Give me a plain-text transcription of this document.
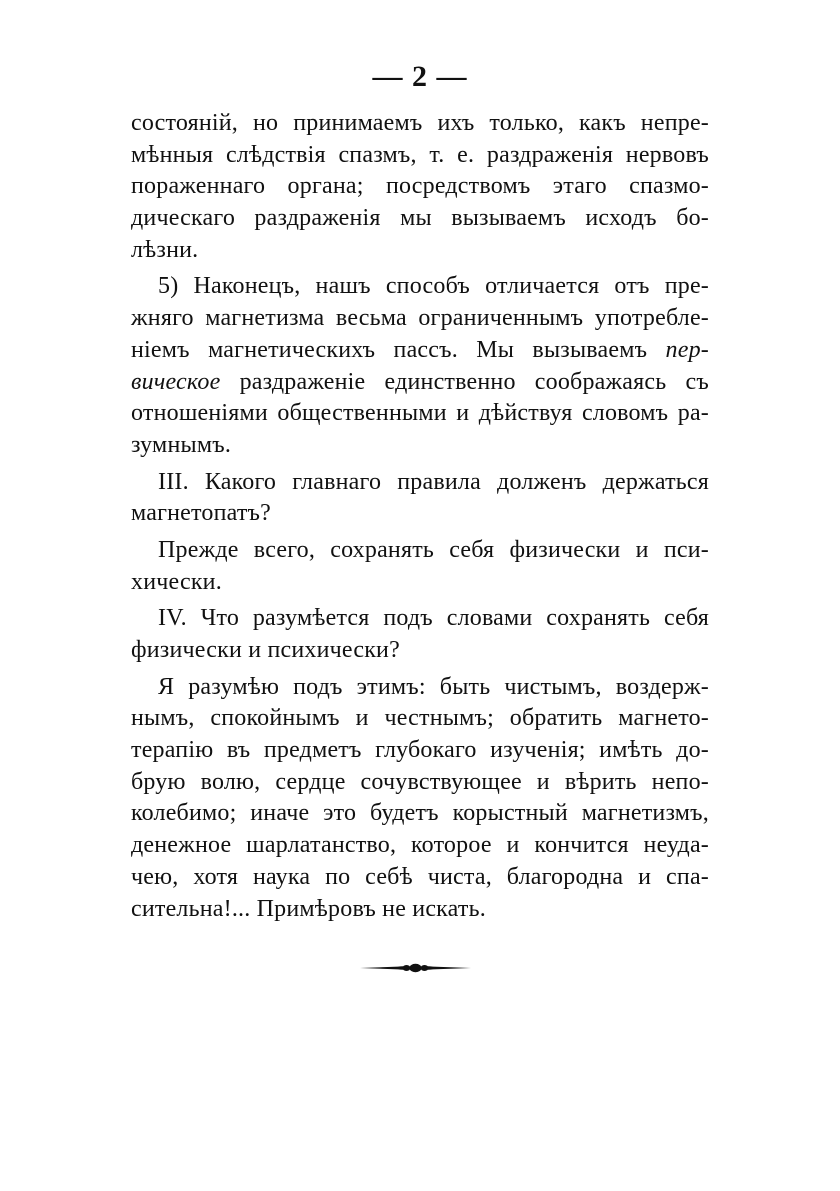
— 2 —
состояній, но принимаемъ ихъ только, какъ непре-
мѣнныя слѣдствія спазмъ, т. е. раздраженія нервовъ
пораженнаго органа; посредствомъ этаго спазмо-
дическаго раздраженія мы вызываемъ исходъ бо-
лѣзни.
5) Наконецъ, нашъ способъ отличается отъ пре-
жняго магнетизма весьма ограниченнымъ употребле-
ніемъ магнетическихъ пассъ. Мы вызываемъ пер-
вическое раздраженіе единственно соображаясь съ
отношеніями общественными и дѣйствуя словомъ ра-
зумнымъ.
III. Какого главнаго правила долженъ держаться
магнетопатъ?
Прежде всего, сохранять себя физически и пси-
хически.
IV. Что разумѣется подъ словами сохранять себя
физически и психически?
Я разумѣю подъ этимъ: быть чистымъ, воздерж-
нымъ, спокойнымъ и честнымъ; обратить магнето-
терапію въ предметъ глубокаго изученія; имѣть до-
брую волю, сердце сочувствующее и вѣрить непо-
колебимо; иначе это будетъ корыстный магнетизмъ,
денежное шарлатанство, которое и кончится неуда-
чею, хотя наука по себѣ чиста, благородна и спа-
сительна!... Примѣровъ не искать.
